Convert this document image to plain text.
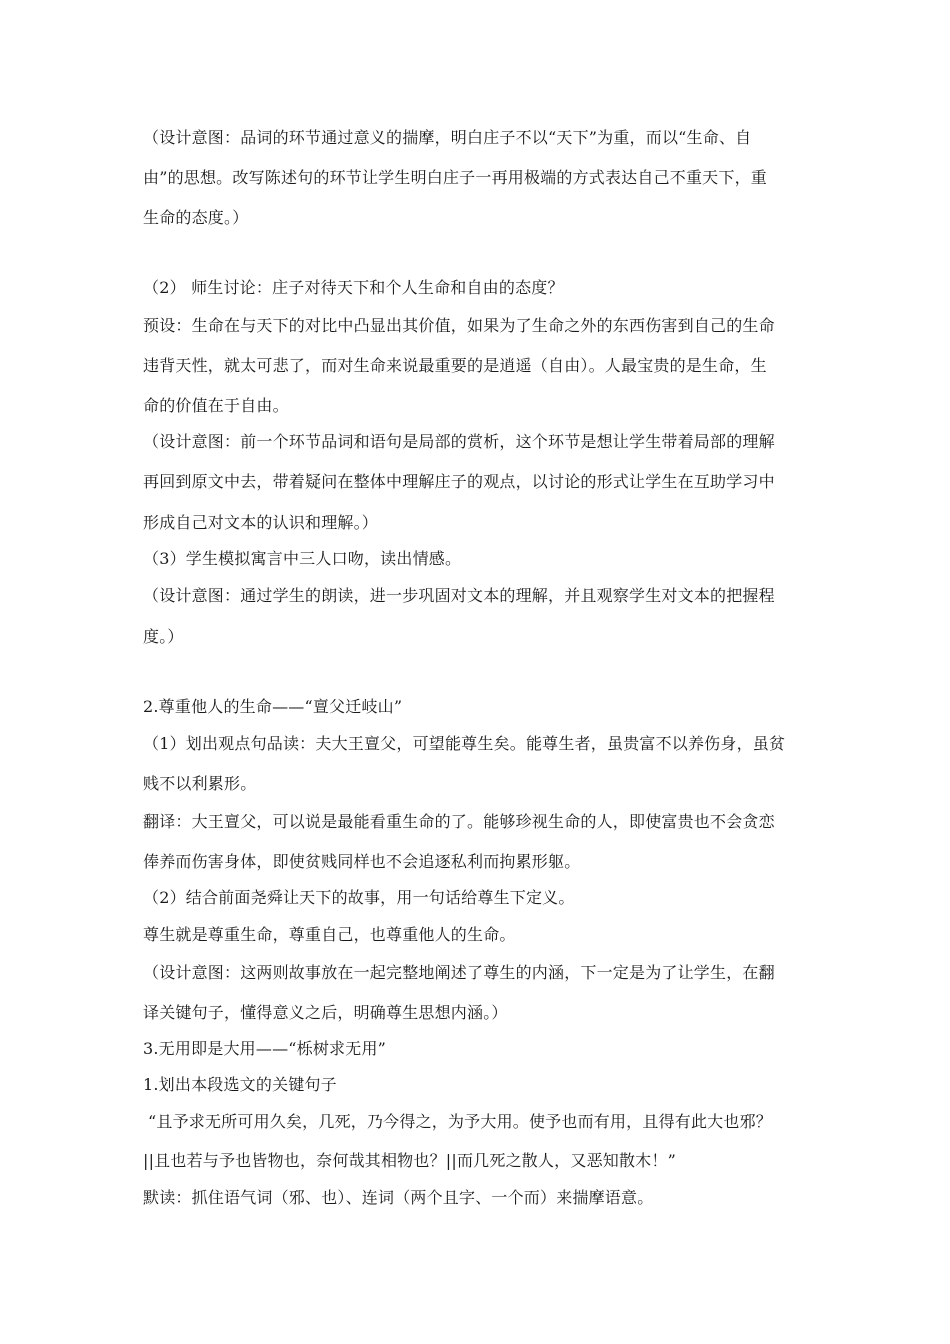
（设计意图：品词的环节通过意义的揣摩，明白庄子不以“天下”为重，而以“生命、自
由”的思想。改写陈述句的环节让学生明白庄子一再用极端的方式表达自己不重天下，重
生命的态度。）
（2） 师生讨论：庄子对待天下和个人生命和自由的态度？
预设：生命在与天下的对比中凸显出其价值，如果为了生命之外的东西伤害到自己的生命
违背天性，就太可悲了，而对生命来说最重要的是逍遥（自由）。人最宝贵的是生命，生
命的价值在于自由。
（设计意图：前一个环节品词和语句是局部的赏析，这个环节是想让学生带着局部的理解
再回到原文中去，带着疑问在整体中理解庄子的观点，以讨论的形式让学生在互助学习中
形成自己对文本的认识和理解。）
（3）学生模拟寓言中三人口吻，读出情感。
（设计意图：通过学生的朗读，进一步巩固对文本的理解，并且观察学生对文本的把握程
度。）
2.尊重他人的生命——“亶父迁岐山”
（1）划出观点句品读：夫大王亶父，可望能尊生矣。能尊生者，虽贵富不以养伤身，虽贫
贱不以利累形。
翻译：大王亶父，可以说是最能看重生命的了。能够珍视生命的人，即使富贵也不会贪恋
俸养而伤害身体，即使贫贱同样也不会追逐私利而拘累形躯。
（2）结合前面尧舜让天下的故事，用一句话给尊生下定义。
尊生就是尊重生命，尊重自己，也尊重他人的生命。
（设计意图：这两则故事放在一起完整地阐述了尊生的内涵，下一定是为了让学生，在翻
译关键句子，懂得意义之后，明确尊生思想内涵。）
3.无用即是大用——“栎树求无用”
1.划出本段选文的关键句子
“且予求无所可用久矣，几死，乃今得之，为予大用。使予也而有用，且得有此大也邪？
||且也若与予也皆物也，奈何哉其相物也？||而几死之散人，又恶知散木！”
默读：抓住语气词（邪、也）、连词（两个且字、一个而）来揣摩语意。
